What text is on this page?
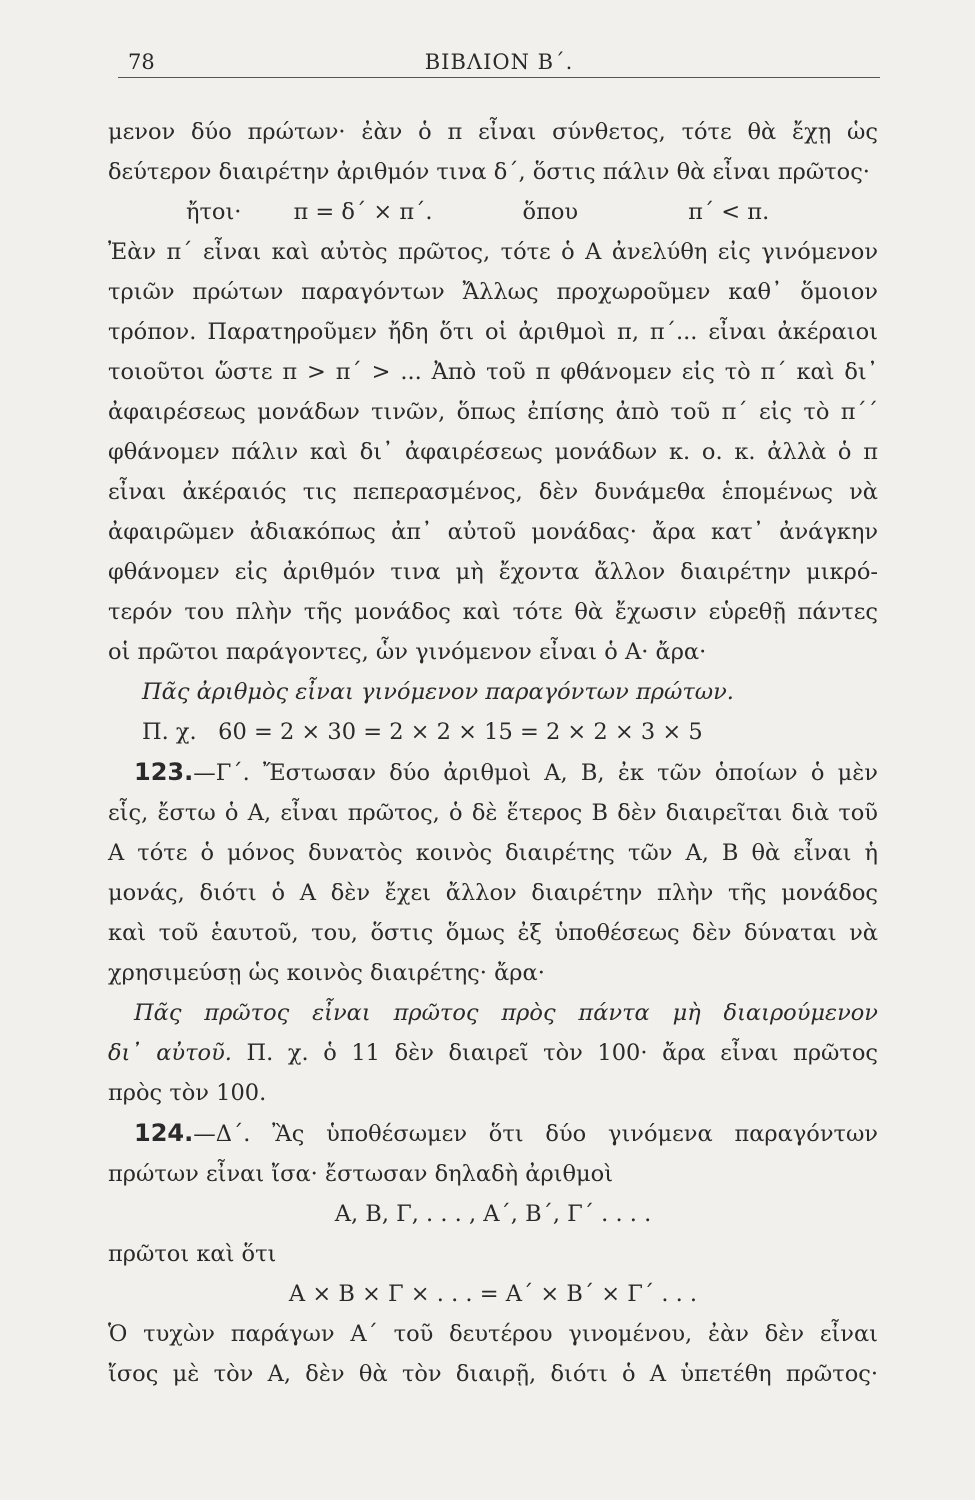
78	ΒΙΒΛΙΟΝ Β΄.

μενον δύο πρώτων· ἐὰν ὁ π εἶναι σύνθετος, τότε θὰ ἔχῃ ὡς

δεύτερον διαιρέτην ἀριθμόν τινα δ΄, ὅστις πάλιν θὰ εἶναι πρῶτος·

ἤτοι· π = δ΄ × π΄.	ὅπου	π΄ < π.

Ἐὰν π΄ εἶναι καὶ αὐτὸς πρῶτος, τότε ὁ Α ἀνελύθη εἰς γινόμενον

τριῶν πρώτων παραγόντων Ἄλλως προχωροῦμεν καθ᾽ ὅμοιον

τρόπον. Παρατηροῦμεν ἤδη ὅτι οἱ ἀριθμοὶ π, π΄... εἶναι ἀκέραιοι

τοιοῦτοι ὥστε π > π΄ > ... Ἀπὸ τοῦ π φθάνομεν εἰς τὸ π΄ καὶ δι᾽

ἀφαιρέσεως μονάδων τινῶν, ὅπως ἐπίσης ἀπὸ τοῦ π΄ εἰς τὸ π΄΄

φθάνομεν πάλιν καὶ δι᾽ ἀφαιρέσεως μονάδων κ. ο. κ. ἀλλὰ ὁ π

εἶναι ἀκέραιός τις πεπερασμένος, δὲν δυνάμεθα ἑπομένως νὰ

ἀφαιρῶμεν ἀδιακόπως ἀπ᾽ αὐτοῦ μονάδας· ἄρα κατ᾽ ἀνάγκην

φθάνομεν εἰς ἀριθμόν τινα μὴ ἔχοντα ἄλλον διαιρέτην μικρό-

τερόν του πλὴν τῆς μονάδος καὶ τότε θὰ ἔχωσιν εὑρεθῇ πάντες

οἱ πρῶτοι παράγοντες, ὧν γινόμενον εἶναι ὁ Α· ἄρα·

Πᾶς ἀριθμὸς εἶναι γινόμενον παραγόντων πρώτων.

Π. χ.   60 = 2 × 30 = 2 × 2 × 15 = 2 × 2 × 3 × 5

123.—Γ΄. Ἔστωσαν δύο ἀριθμοὶ Α, Β, ἐκ τῶν ὁποίων ὁ μὲν

εἷς, ἔστω ὁ Α, εἶναι πρῶτος, ὁ δὲ ἕτερος Β δὲν διαιρεῖται διὰ τοῦ

Α τότε ὁ μόνος δυνατὸς κοινὸς διαιρέτης τῶν Α, Β θὰ εἶναι ἡ

μονάς, διότι ὁ Α δὲν ἔχει ἄλλον διαιρέτην πλὴν τῆς μονάδος

καὶ τοῦ ἑαυτοῦ, του, ὅστις ὅμως ἐξ ὑποθέσεως δὲν δύναται νὰ

χρησιμεύσῃ ὡς κοινὸς διαιρέτης· ἄρα·

Πᾶς πρῶτος εἶναι πρῶτος πρὸς πάντα μὴ διαιρούμενον

δι᾽ αὐτοῦ. Π. χ. ὁ 11 δὲν διαιρεῖ τὸν 100· ἄρα εἶναι πρῶτος

πρὸς τὸν 100.

124.—Δ΄. Ἂς ὑποθέσωμεν ὅτι δύο γινόμενα παραγόντων

πρώτων εἶναι ἴσα· ἔστωσαν δηλαδὴ ἀριθμοὶ

Α, Β, Γ, . . . , Α΄, Β΄, Γ΄ . . . .

πρῶτοι καὶ ὅτι

Α × Β × Γ × . . . = Α΄ × Β΄ × Γ΄ . . .

Ὁ τυχὼν παράγων Α΄ τοῦ δευτέρου γινομένου, ἐὰν δὲν εἶναι

ἴσος μὲ τὸν Α, δὲν θὰ τὸν διαιρῇ, διότι ὁ Α ὑπετέθη πρῶτος·
